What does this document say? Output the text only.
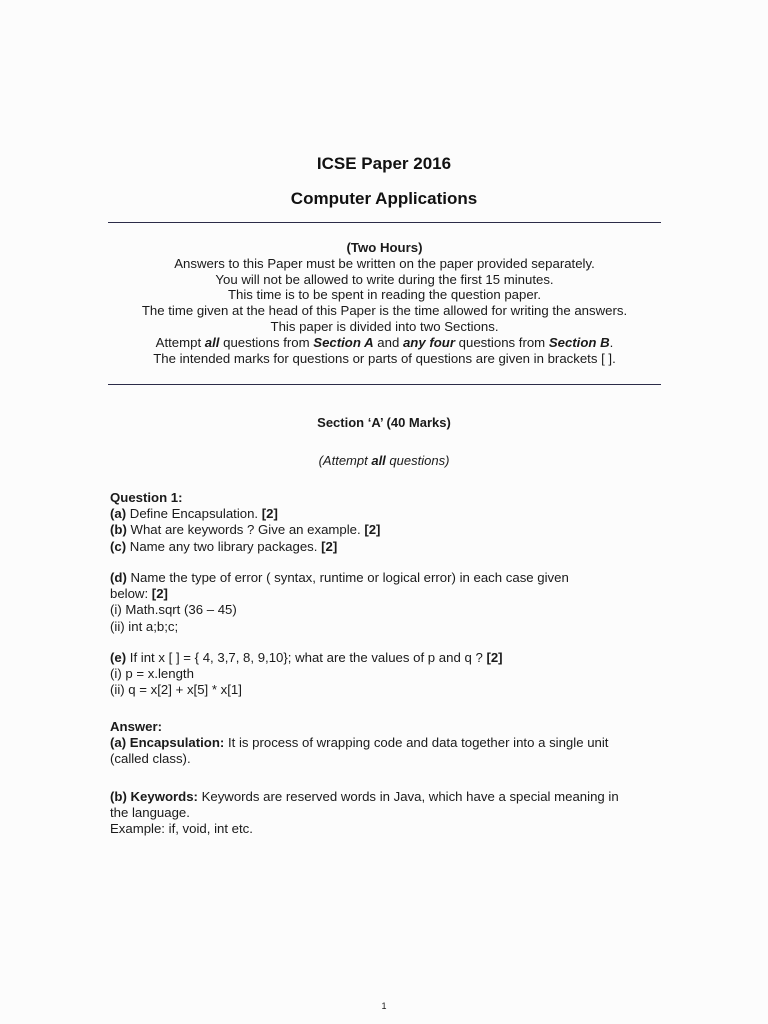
ICSE Paper 2016
Computer Applications
(Two Hours)
Answers to this Paper must be written on the paper provided separately.
You will not be allowed to write during the first 15 minutes.
This time is to be spent in reading the question paper.
The time given at the head of this Paper is the time allowed for writing the answers.
This paper is divided into two Sections.
Attempt all questions from Section A and any four questions from Section B.
The intended marks for questions or parts of questions are given in brackets [ ].
Section ‘A’ (40 Marks)
(Attempt all questions)
Question 1:
(a) Define Encapsulation. [2]
(b) What are keywords ? Give an example. [2]
(c) Name any two library packages. [2]
(d) Name the type of error ( syntax, runtime or logical error) in each case given
below: [2]
(i) Math.sqrt (36 – 45)
(ii) int a;b;c;
(e) If int x [ ] = { 4, 3,7, 8, 9,10}; what are the values of p and q ? [2]
(i) p = x.length
(ii) q = x[2] + x[5] * x[1]
Answer:
(a) Encapsulation: It is process of wrapping code and data together into a single unit
(called class).
(b) Keywords: Keywords are reserved words in Java, which have a special meaning in
the language.
Example: if, void, int etc.
1
